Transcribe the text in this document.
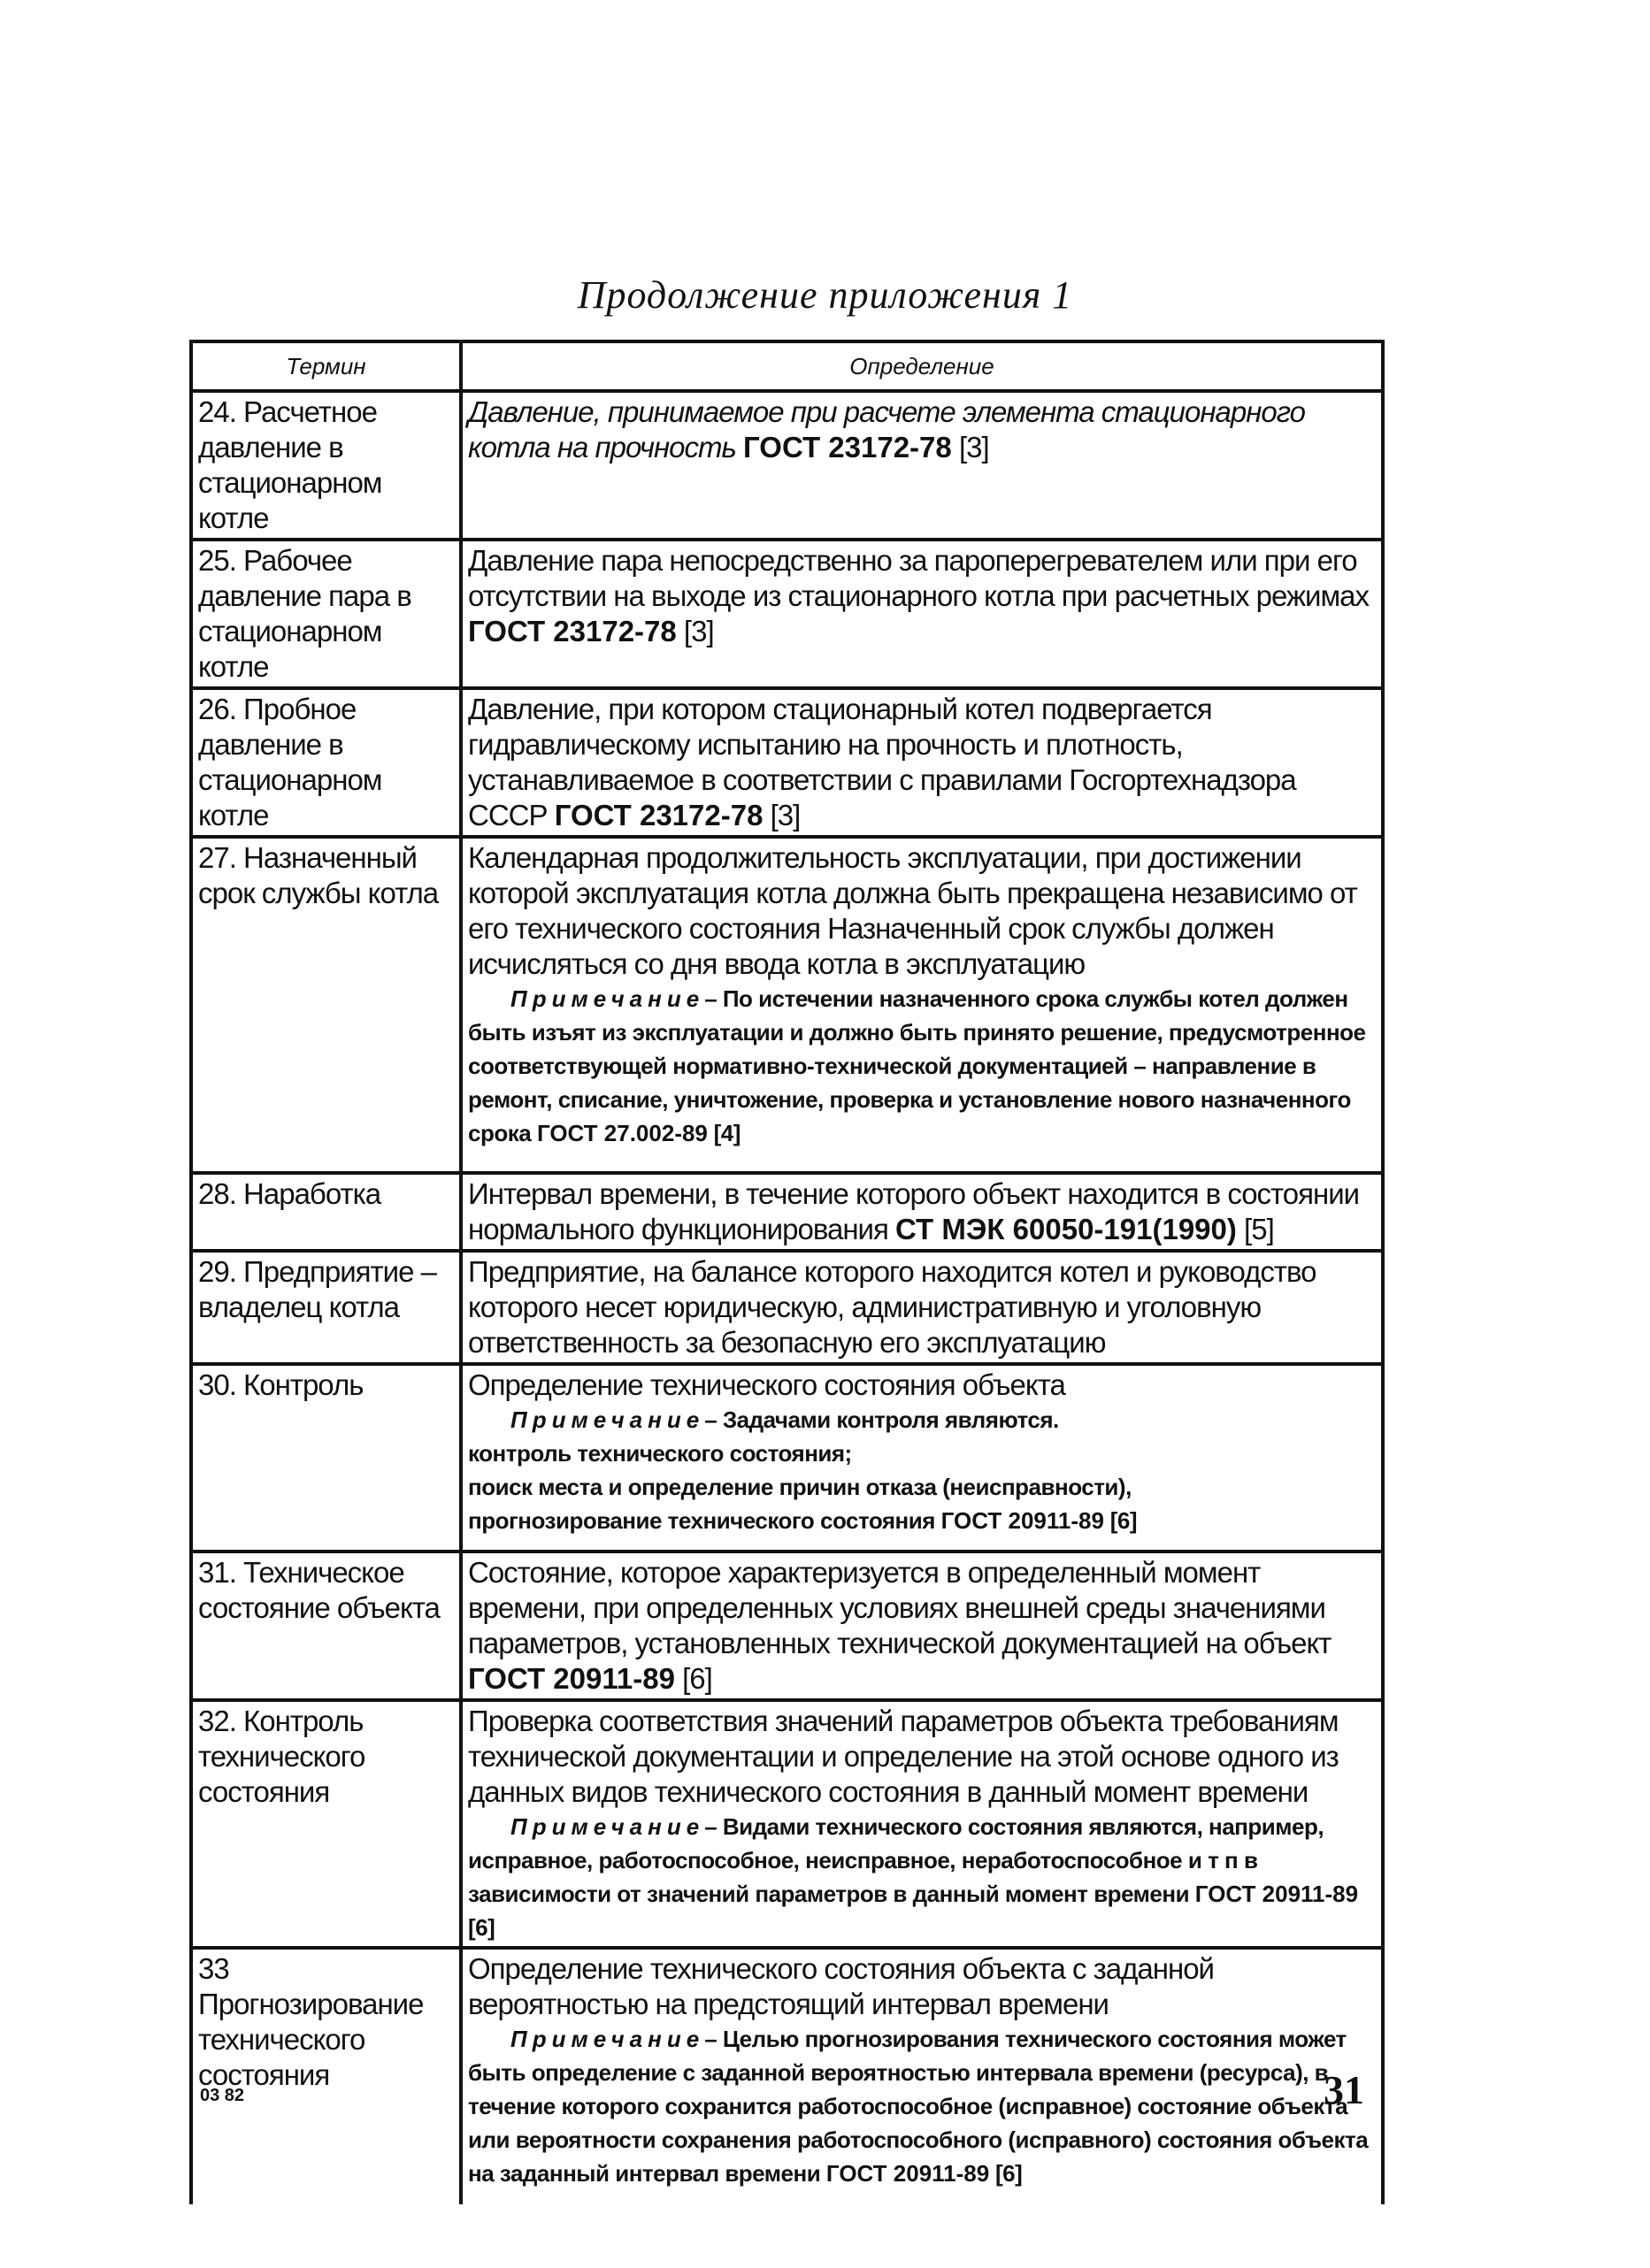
Продолжение приложения 1
Термин	Определение
24. Расчетное давление в стационарном котле	Давление, принимаемое при расчете элемента стационарного котла на прочность ГОСТ 23172-78 [3]
25. Рабочее давление пара в стационарном котле	Давление пара непосредственно за пароперегревателем или при его отсутствии на выходе из стационарного котла при расчетных режимах ГОСТ 23172-78 [3]
26. Пробное давление в стационарном котле	Давление, при котором стационарный котел подвергается гидравлическому испытанию на прочность и плотность, устанавливаемое в соответствии с правилами Госгортехнадзора СССР ГОСТ 23172-78 [3]
27. Назначенный срок службы котла	Календарная продолжительность эксплуатации, при достижении которой эксплуатация котла должна быть прекращена независимо от его технического состояния Назначенный срок службы должен исчисляться со дня ввода котла в эксплуатацию
Примечание– По истечении назначенного срока службы котел должен быть изъят из эксплуатации и должно быть принято решение, предусмотренное соответствующей нормативно-технической документацией – направление в ремонт, списание, уничтожение, проверка и установление нового назначенного срока ГОСТ 27.002-89 [4]

28. Наработка	Интервал времени, в течение которого объект находится в состоянии нормального функционирования СТ МЭК 60050-191(1990) [5]
29. Предприятие – владелец котла	Предприятие, на балансе которого находится котел и руководство которого несет юридическую, административную и уголовную ответственность за безопасную его эксплуатацию
30. Контроль	Определение технического состояния объекта
Примечание– Задачами контроля являются.
контроль технического состояния;
поиск места и определение причин отказа (неисправности),
прогнозирование технического состояния ГОСТ 20911-89 [6]

31. Техническое состояние объекта	Состояние, которое характеризуется в определенный момент времени, при определенных условиях внешней среды значениями параметров, установленных технической документацией на объект ГОСТ 20911-89 [6]
32. Контроль технического состояния	Проверка соответствия значений параметров объекта требованиям технической документации и определение на этой основе одного из данных видов технического состояния в данный момент времени
Примечание– Видами технического состояния являются, например, исправное, работоспособное, неисправное, неработоспособное и т п в зависимости от значений параметров в данный момент времени ГОСТ 20911-89 [6]

33 Прогнозирование технического состояния	Определение технического состояния объекта с заданной вероятностью на предстоящий интервал времени
Примечание– Целью прогнозирования технического состояния может быть определение с заданной вероятностью интервала времени (ресурса), в течение которого сохранится работоспособное (исправное) состояние объекта или вероятности сохранения работоспособного (исправного) состояния объекта на заданный интервал времени ГОСТ 20911-89 [6]
03 82	31
